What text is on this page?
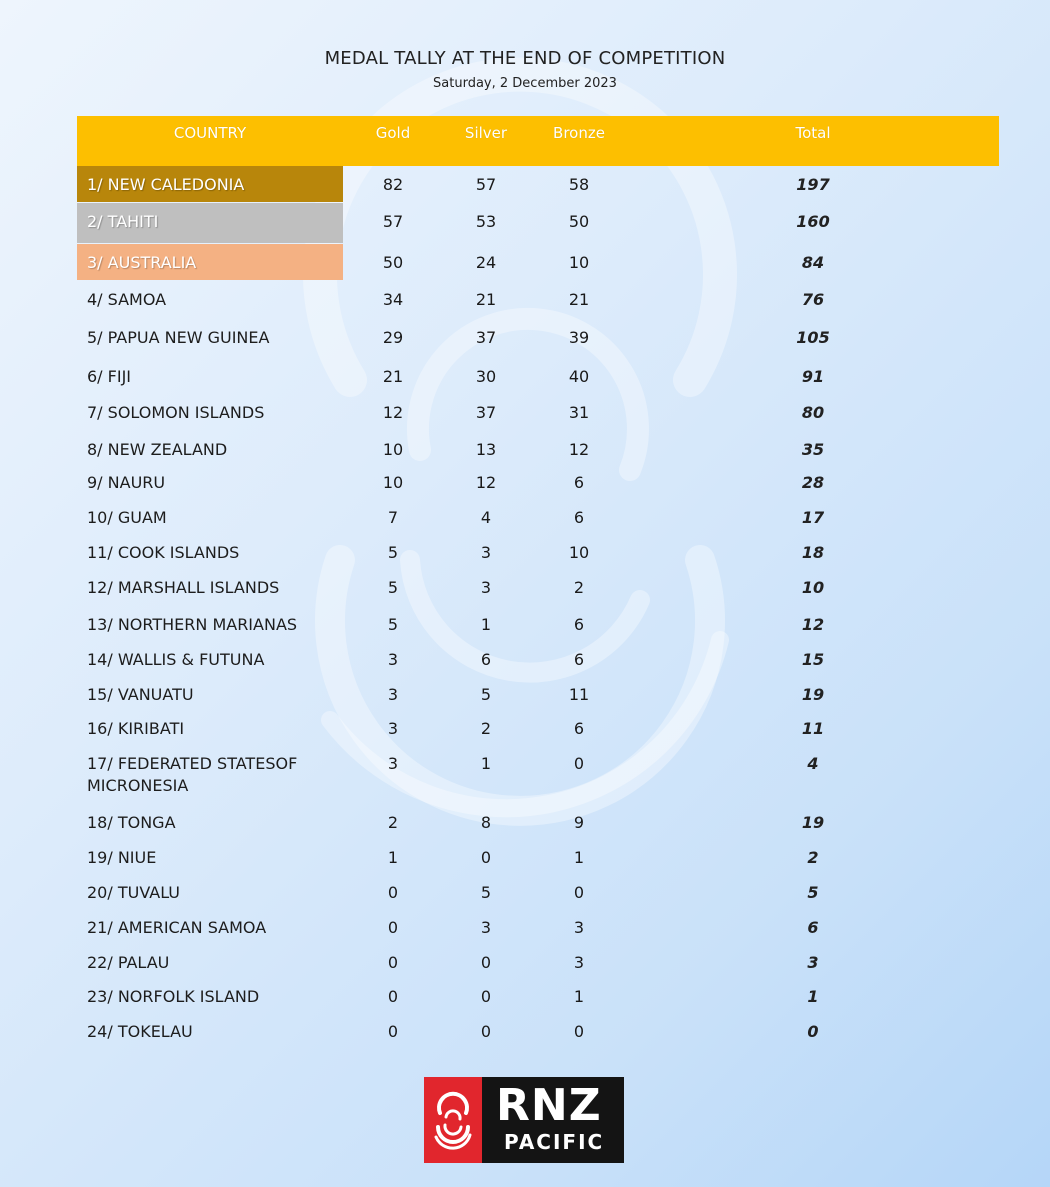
MEDAL TALLY AT THE END OF COMPETITION
Saturday, 2 December 2023
COUNTRY	Gold	Silver	Bronze	Total
1/ NEW CALEDONIA	82	57	58	197
2/ TAHITI	57	53	50	160
3/ AUSTRALIA	50	24	10	84
4/ SAMOA	34	21	21	76
5/ PAPUA NEW GUINEA	29	37	39	105
6/ FIJI	21	30	40	91
7/ SOLOMON ISLANDS	12	37	31	80
8/ NEW ZEALAND	10	13	12	35
9/ NAURU	10	12	6	28
10/ GUAM	7	4	6	17
11/ COOK ISLANDS	5	3	10	18
12/ MARSHALL ISLANDS	5	3	2	10
13/ NORTHERN MARIANAS	5	1	6	12
14/ WALLIS & FUTUNA	3	6	6	15
15/ VANUATU	3	5	11	19
16/ KIRIBATI	3	2	6	11
17/ FEDERATED STATESOF
MICRONESIA
3	1	0	4
18/ TONGA	2	8	9	19
19/ NIUE	1	0	1	2
20/ TUVALU	0	5	0	5
21/ AMERICAN SAMOA	0	3	3	6
22/ PALAU	0	0	3	3
23/ NORFOLK ISLAND	0	0	1	1
24/ TOKELAU	0	0	0	0
RNZ
PACIFIC
